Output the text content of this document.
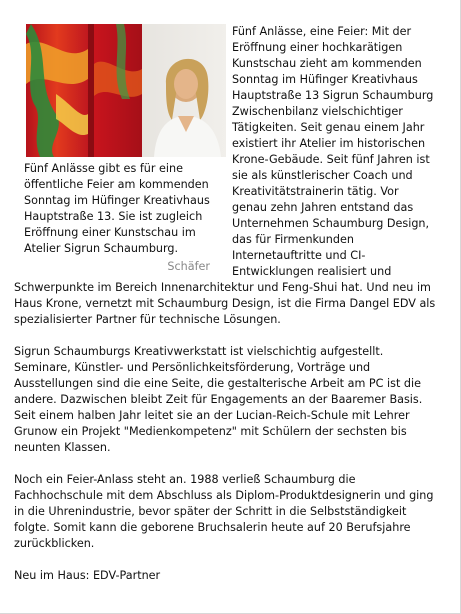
Fünf Anlässe gibt es für eine öffentliche Feier am kommenden Sonntag im Hüfinger Kreativhaus Hauptstraße 13. Sie ist zugleich Eröffnung einer Kunstschau im Atelier Sigrun Schaumburg.
Schäfer

Fünf Anlässe, eine Feier: Mit der Eröffnung einer hochkarätigen Kunstschau zieht am kommenden Sonntag im Hüfinger Kreativhaus Hauptstraße 13 Sigrun Schaumburg Zwischenbilanz vielschichtiger Tätigkeiten. Seit genau einem Jahr existiert ihr Atelier im historischen Krone-Gebäude. Seit fünf Jahren ist sie als künstlerischer Coach und Kreativitätstrainerin tätig. Vor genau zehn Jahren entstand das Unternehmen Schaumburg Design, das für Firmenkunden Internetauftritte und CI-Entwicklungen realisiert und Schwerpunkte im Bereich Innenarchitektur und Feng-Shui hat. Und neu im Haus Krone, vernetzt mit Schaumburg Design, ist die Firma Dangel EDV als spezialisierter Partner für technische Lösungen.

Sigrun Schaumburgs Kreativwerkstatt ist vielschichtig aufgestellt. Seminare, Künstler- und Persönlichkeitsförderung, Vorträge und Ausstellungen sind die eine Seite, die gestalterische Arbeit am PC ist die andere. Dazwischen bleibt Zeit für Engagements an der Baaremer Basis. Seit einem halben Jahr leitet sie an der Lucian-Reich-Schule mit Lehrer Grunow ein Projekt "Medienkompetenz" mit Schülern der sechsten bis neunten Klassen.

Noch ein Feier-Anlass steht an. 1988 verließ Schaumburg die Fachhochschule mit dem Abschluss als Diplom-Produktdesignerin und ging in die Uhrenindustrie, bevor später der Schritt in die Selbstständigkeit folgte. Somit kann die geborene Bruchsalerin heute auf 20 Berufsjahre zurückblicken.

Neu im Haus: EDV-Partner
